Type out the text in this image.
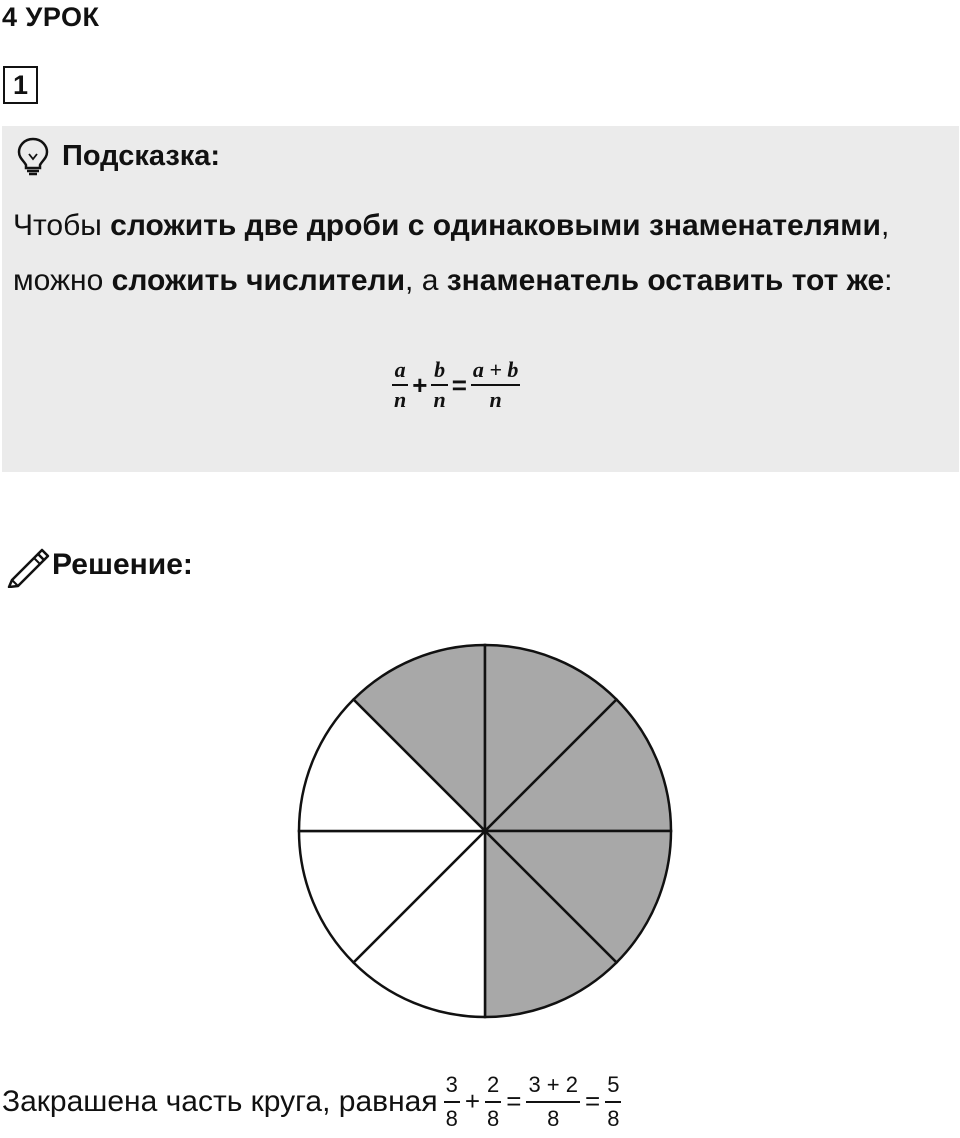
4 УРОК
1
Подсказка:
Чтобы сложить две дроби с одинаковыми знаменателями, можно сложить числители, а знаменатель оставить тот же:
$\frac{a}{n} + \frac{b}{n} = \frac{a + b}{n}$
Решение:
Закрашена часть круга, равная $\frac{3}{8} + \frac{2}{8} = \frac{3 + 2}{8} = \frac{5}{8}$
